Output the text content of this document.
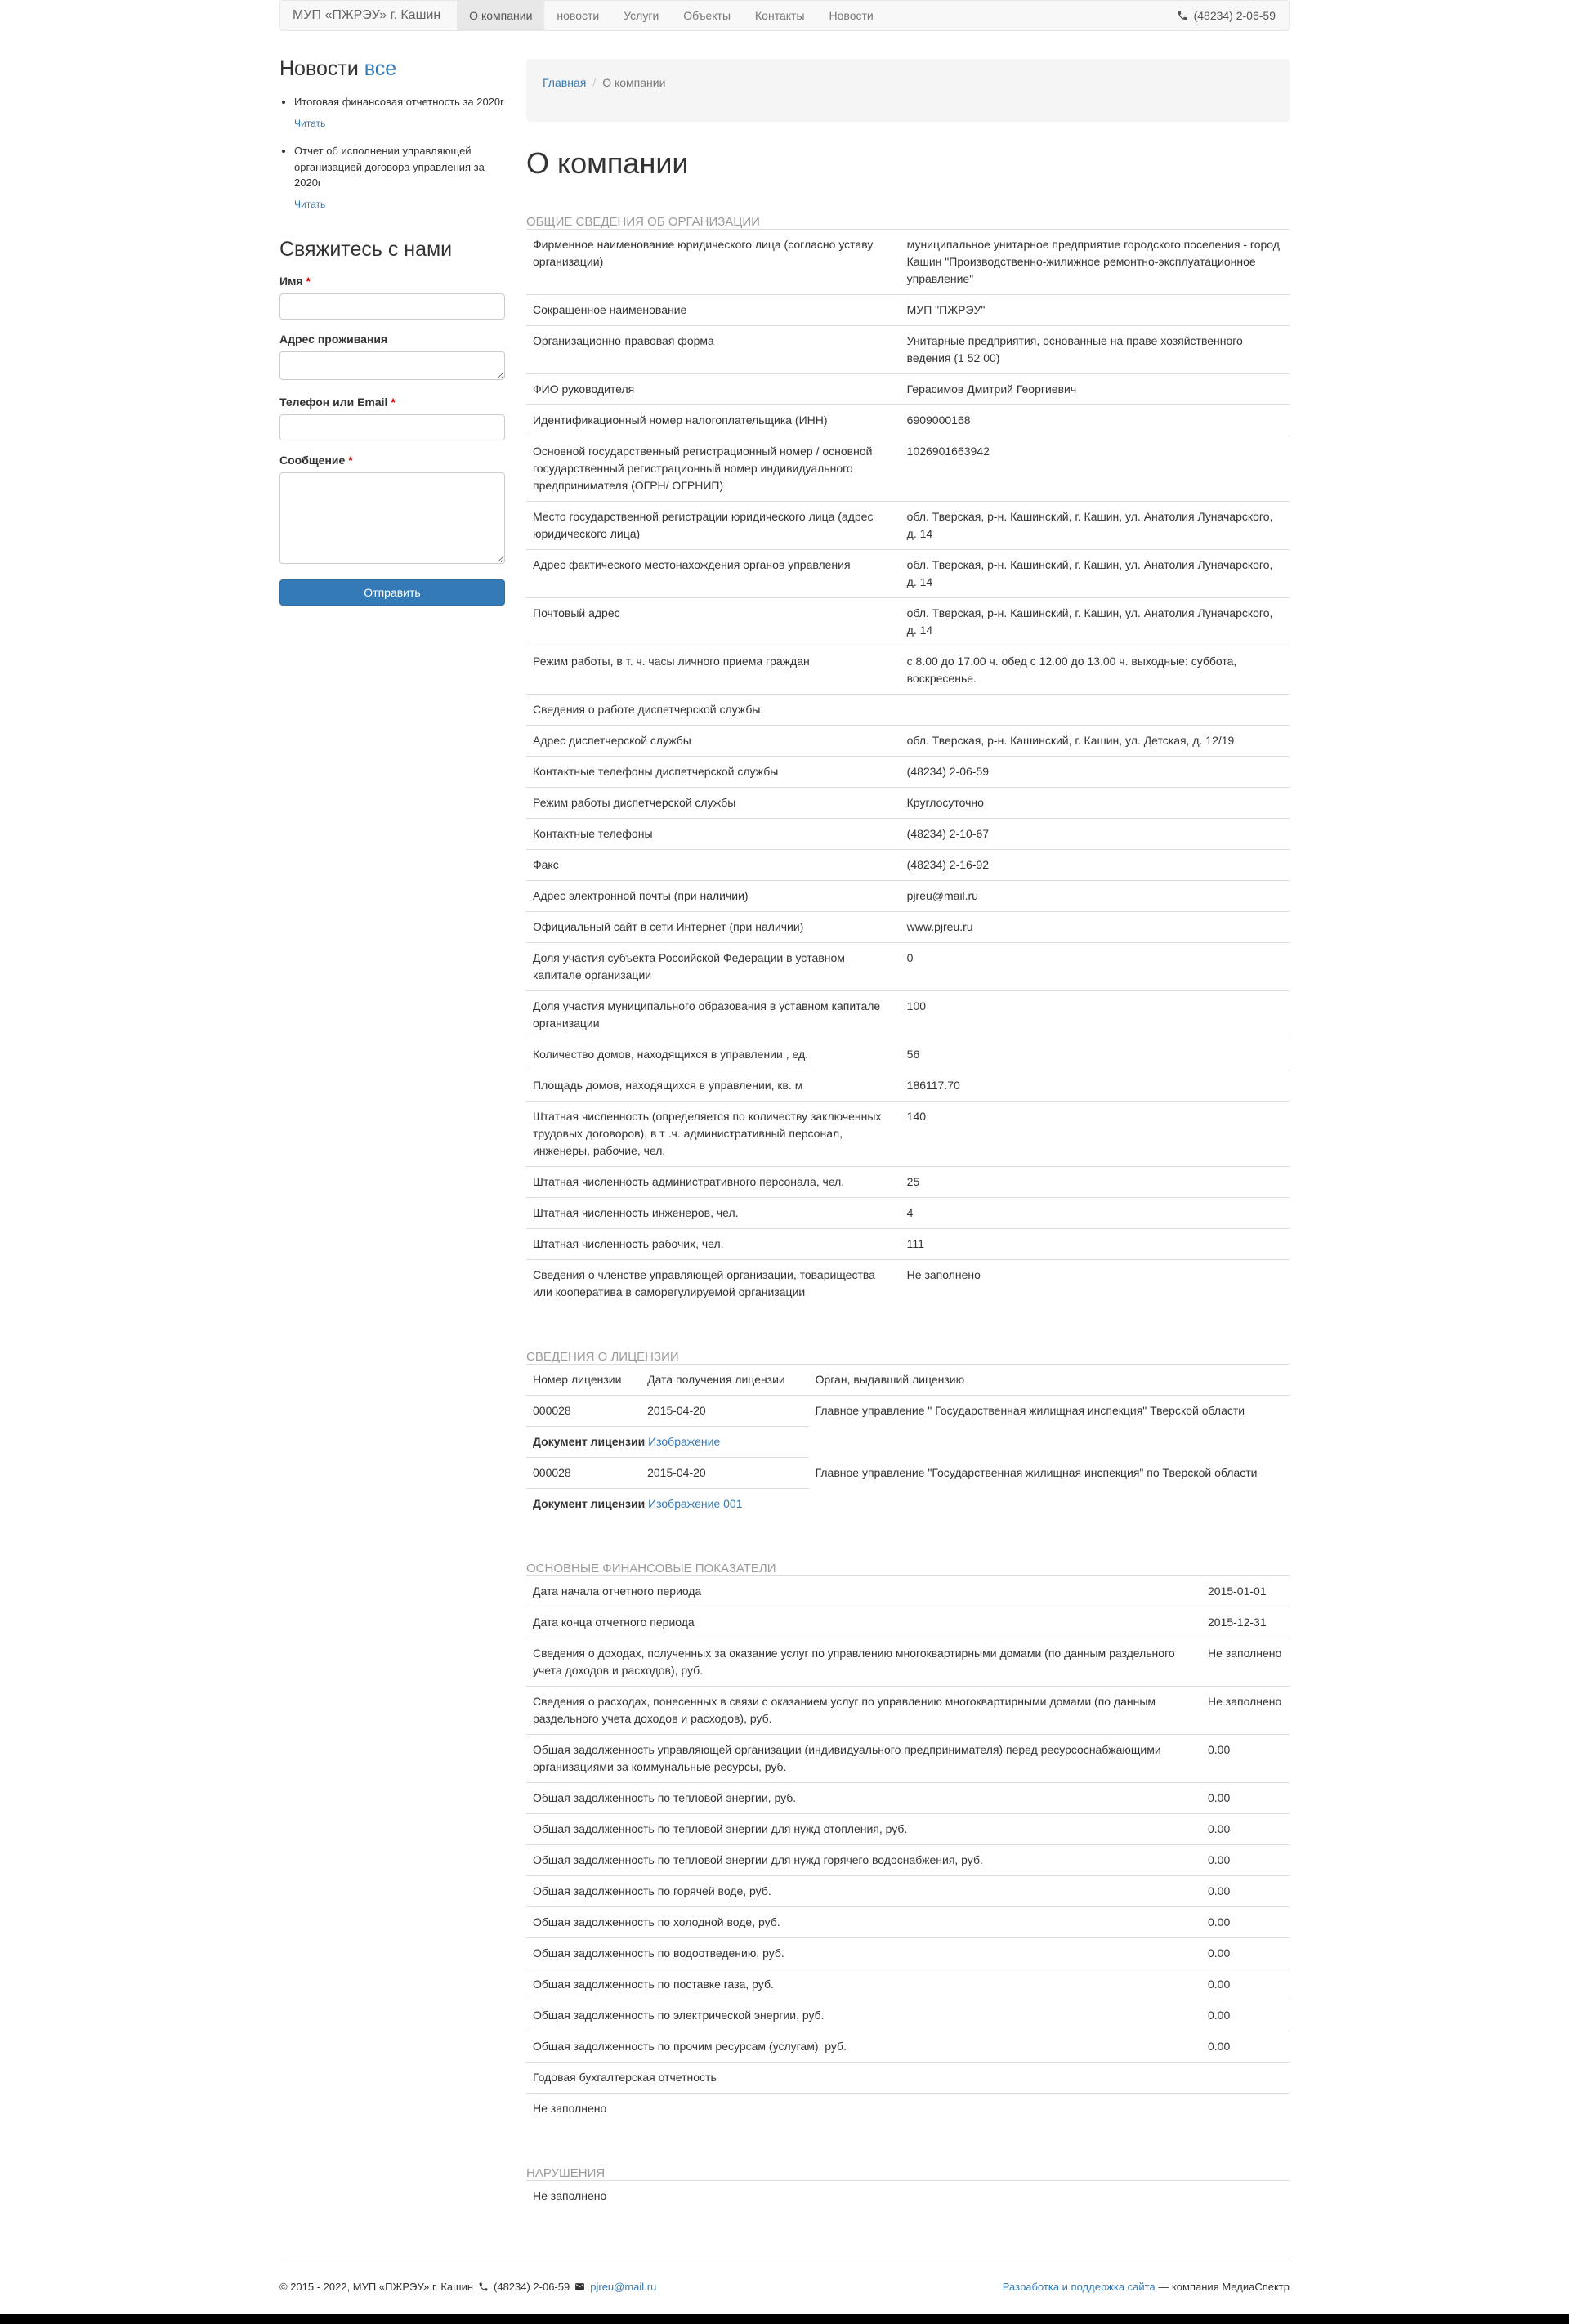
МУП «ПЖРЭУ» г. Кашин	О компании	новости	Услуги	Объекты	Контакты	Новости	(48234) 2-06-59
Новости все
• Итоговая финансовая отчетность за 2020г
Читать
• Отчет об исполнении управляющей организацией договора управления за 2020г
Читать
Свяжитесь с нами
Имя *
Адрес проживания
Телефон или Email *
Сообщение *
Отправить
Главная / О компании
О компании
ОБЩИЕ СВЕДЕНИЯ ОБ ОРГАНИЗАЦИИ
Фирменное наименование юридического лица (согласно уставу организации)	муниципальное унитарное предприятие городского поселения - город Кашин "Производственно-жилижное ремонтно-эксплуатационное управление"
Сокращенное наименование	МУП "ПЖРЭУ"
Организационно-правовая форма	Унитарные предприятия, основанные на праве хозяйственного ведения (1 52 00)
ФИО руководителя	Герасимов Дмитрий Георгиевич
Идентификационный номер налогоплательщика (ИНН)	6909000168
Основной государственный регистрационный номер / основной государственный регистрационный номер индивидуального предпринимателя (ОГРН/ ОГРНИП)	1026901663942
Место государственной регистрации юридического лица (адрес юридического лица)	обл. Тверская, р-н. Кашинский, г. Кашин, ул. Анатолия Луначарского, д. 14
Адрес фактического местонахождения органов управления	обл. Тверская, р-н. Кашинский, г. Кашин, ул. Анатолия Луначарского, д. 14
Почтовый адрес	обл. Тверская, р-н. Кашинский, г. Кашин, ул. Анатолия Луначарского, д. 14
Режим работы, в т. ч. часы личного приема граждан	с 8.00 до 17.00 ч. обед с 12.00 до 13.00 ч. выходные: суббота, воскресенье.
Сведения о работе диспетчерской службы:	
Адрес диспетчерской службы	обл. Тверская, р-н. Кашинский, г. Кашин, ул. Детская, д. 12/19
Контактные телефоны диспетчерской службы	(48234) 2-06-59
Режим работы диспетчерской службы	Круглосуточно
Контактные телефоны	(48234) 2-10-67
Факс	(48234) 2-16-92
Адрес электронной почты (при наличии)	pjreu@mail.ru
Официальный сайт в сети Интернет (при наличии)	www.pjreu.ru
Доля участия субъекта Российской Федерации в уставном капитале организации	0
Доля участия муниципального образования в уставном капитале организации	100
Количество домов, находящихся в управлении , ед.	56
Площадь домов, находящихся в управлении, кв. м	186117.70
Штатная численность (определяется по количеству заключенных трудовых договоров), в т .ч. административный персонал, инженеры, рабочие, чел.	140
Штатная численность административного персонала, чел.	25
Штатная численность инженеров, чел.	4
Штатная численность рабочих, чел.	111
Сведения о членстве управляющей организации, товарищества или кооператива в саморегулируемой организации	Не заполнено
СВЕДЕНИЯ О ЛИЦЕНЗИИ
Номер лицензии	Дата получения лицензии	Орган, выдавший лицензию
000028	2015-04-20	Главное управление " Государственная жилищная инспекция" Тверской области
Документ лицензии Изображение		
000028	2015-04-20	Главное управление "Государственная жилищная инспекция" по Тверской области
Документ лицензии Изображение 001		
ОСНОВНЫЕ ФИНАНСОВЫЕ ПОКАЗАТЕЛИ
Дата начала отчетного периода	2015-01-01
Дата конца отчетного периода	2015-12-31
Сведения о доходах, полученных за оказание услуг по управлению многоквартирными домами (по данным раздельного учета доходов и расходов), руб.	Не заполнено
Сведения о расходах, понесенных в связи с оказанием услуг по управлению многоквартирными домами (по данным раздельного учета доходов и расходов), руб.	Не заполнено
Общая задолженность управляющей организации (индивидуального предпринимателя) перед ресурсоснабжающими организациями за коммунальные ресурсы, руб.	0.00
Общая задолженность по тепловой энергии, руб.	0.00
Общая задолженность по тепловой энергии для нужд отопления, руб.	0.00
Общая задолженность по тепловой энергии для нужд горячего водоснабжения, руб.	0.00
Общая задолженность по горячей воде, руб.	0.00
Общая задолженность по холодной воде, руб.	0.00
Общая задолженность по водоотведению, руб.	0.00
Общая задолженность по поставке газа, руб.	0.00
Общая задолженность по электрической энергии, руб.	0.00
Общая задолженность по прочим ресурсам (услугам), руб.	0.00
Годовая бухгалтерская отчетность	
Не заполнено	
НАРУШЕНИЯ
Не заполнено
© 2015 - 2022, МУП «ПЖРЭУ» г. Кашин (48234) 2-06-59 pjreu@mail.ru	Разработка и поддержка сайта — компания МедиаСпектр
